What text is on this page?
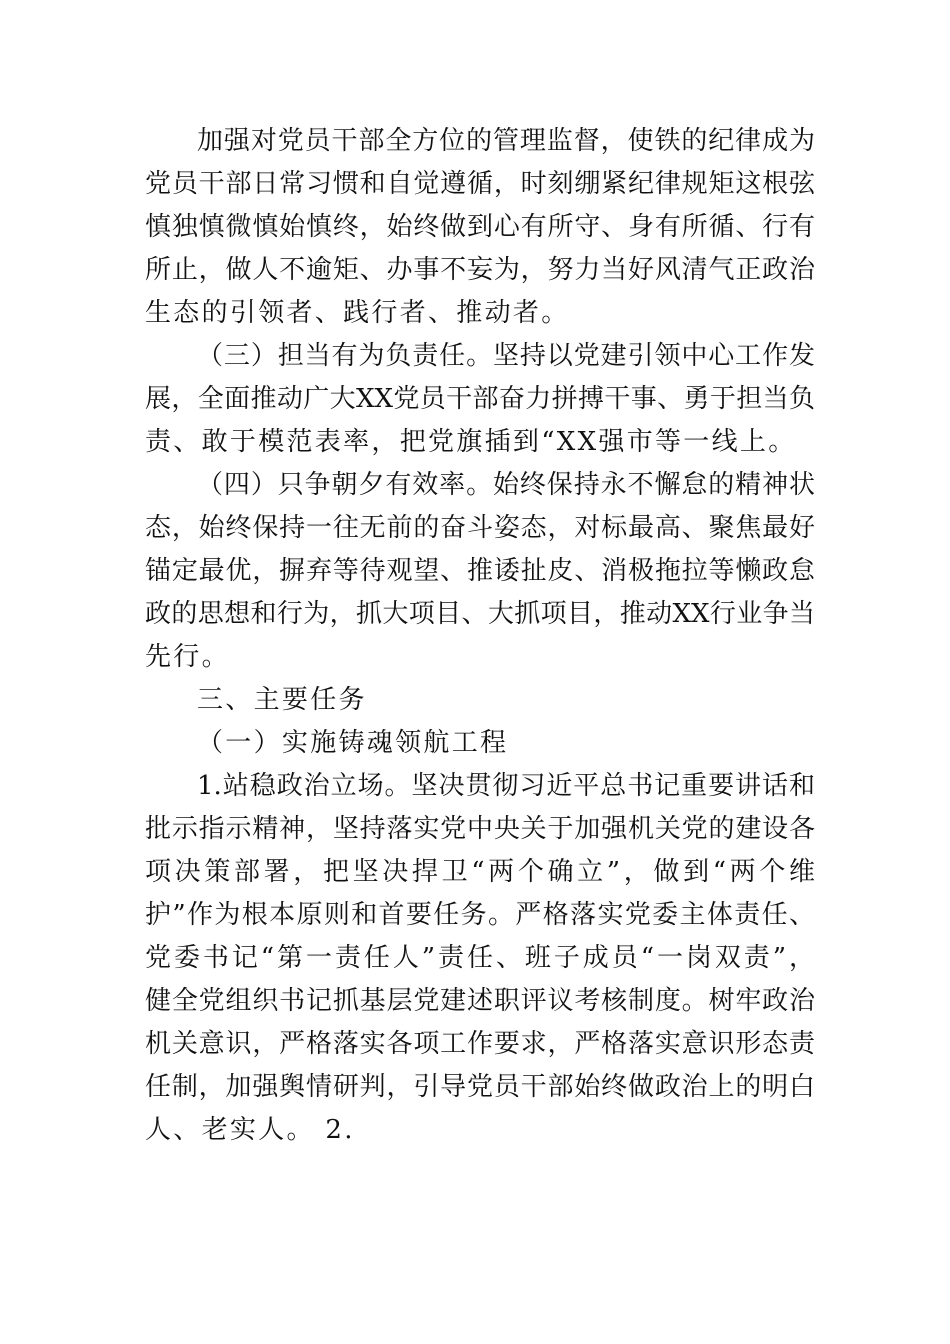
加强对党员干部全方位的管理监督，使铁的纪律成为
党员干部日常习惯和自觉遵循，时刻绷紧纪律规矩这根弦
慎独慎微慎始慎终，始终做到心有所守、身有所循、行有
所止，做人不逾矩、办事不妄为，努力当好风清气正政治
生态的引领者、践行者、推动者。
（三）担当有为负责任。坚持以党建引领中心工作发
展，全面推动广大XX党员干部奋力拼搏干事、勇于担当负
责、敢于模范表率，把党旗插到“XX强市等一线上。
（四）只争朝夕有效率。始终保持永不懈怠的精神状
态，始终保持一往无前的奋斗姿态，对标最高、聚焦最好
锚定最优，摒弃等待观望、推诿扯皮、消极拖拉等懒政怠
政的思想和行为，抓大项目、大抓项目，推动XX行业争当
先行。
三、主要任务
（一）实施铸魂领航工程
1.站稳政治立场。坚决贯彻习近平总书记重要讲话和
批示指示精神，坚持落实党中央关于加强机关党的建设各
项决策部署，把坚决捍卫“两个确立”，做到“两个维
护”作为根本原则和首要任务。严格落实党委主体责任、
党委书记“第一责任人”责任、班子成员“一岗双责”，
健全党组织书记抓基层党建述职评议考核制度。树牢政治
机关意识，严格落实各项工作要求，严格落实意识形态责
任制，加强舆情研判，引导党员干部始终做政治上的明白
人、老实人。 2.
